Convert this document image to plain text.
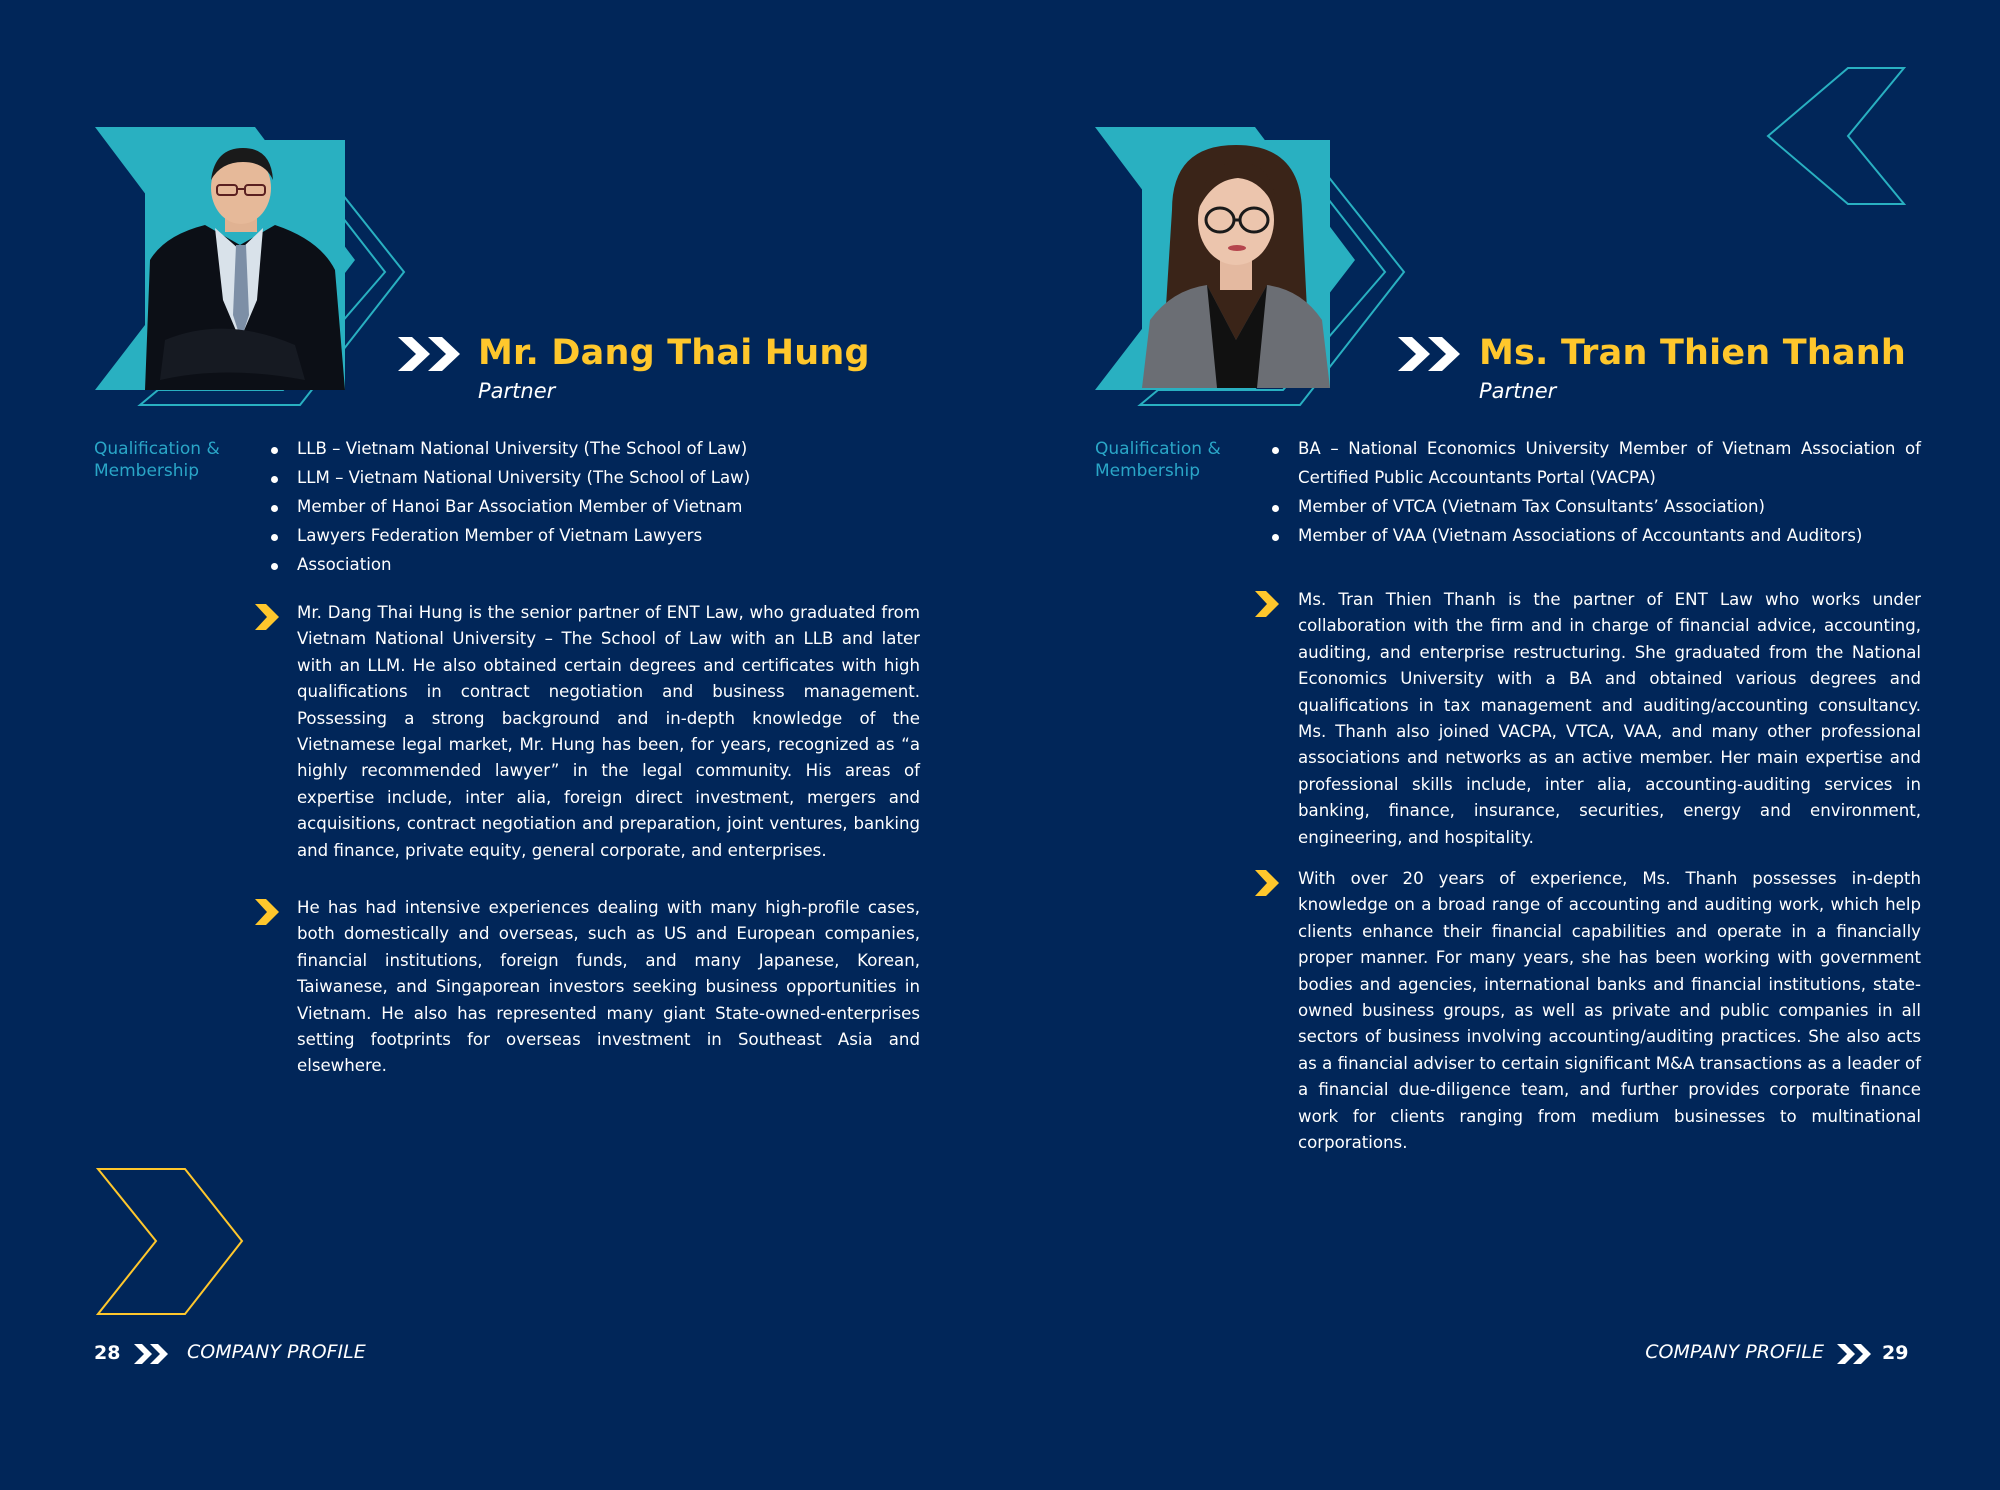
Mr. Dang Thai Hung
Partner
Qualification &
Membership
LLB – Vietnam National University (The School of Law)
LLM – Vietnam National University (The School of Law)
Member of Hanoi Bar Association Member of Vietnam
Lawyers Federation Member of Vietnam Lawyers
Association
Mr. Dang Thai Hung is the senior partner of ENT Law, who graduated from Vietnam National University – The School of Law with an LLB and later with an LLM. He also obtained certain degrees and certificates with high qualifications in contract negotiation and business management. Possessing a strong background and in-depth knowledge of the Vietnamese legal market, Mr. Hung has been, for years, recognized as “a highly recommended lawyer” in the legal community. His areas of expertise include, inter alia, foreign direct investment, mergers and acquisitions, contract negotiation and preparation, joint ventures, banking and finance, private equity, general corporate, and enterprises.
He has had intensive experiences dealing with many high-profile cases, both domestically and overseas, such as US and European companies, financial institutions, foreign funds, and many Japanese, Korean, Taiwanese, and Singaporean investors seeking business opportunities in Vietnam. He also has represented many giant State-owned-enterprises setting footprints for overseas investment in Southeast Asia and elsewhere.
28	COMPANY PROFILE
Ms. Tran Thien Thanh
Partner
Qualification &
Membership
BA – National Economics University Member of Vietnam Association of Certified Public Accountants Portal (VACPA)
Member of VTCA (Vietnam Tax Consultants’ Association)
Member of VAA (Vietnam Associations of Accountants and Auditors)
Ms. Tran Thien Thanh is the partner of ENT Law who works under collaboration with the firm and in charge of financial advice, accounting, auditing, and enterprise restructuring. She graduated from the National Economics University with a BA and obtained various degrees and qualifications in tax management and auditing/accounting consultancy. Ms. Thanh also joined VACPA, VTCA, VAA, and many other professional associations and networks as an active member. Her main expertise and professional skills include, inter alia, accounting-auditing services in banking, finance, insurance, securities, energy and environment, engineering, and hospitality.
With over 20 years of experience, Ms. Thanh possesses in-depth knowledge on a broad range of accounting and auditing work, which help clients enhance their financial capabilities and operate in a financially proper manner. For many years, she has been working with government bodies and agencies, international banks and financial institutions, state-owned business groups, as well as private and public companies in all sectors of business involving accounting/auditing practices. She also acts as a financial adviser to certain significant M&A transactions as a leader of a financial due-diligence team, and further provides corporate finance work for clients ranging from medium businesses to multinational corporations.
COMPANY PROFILE	29
